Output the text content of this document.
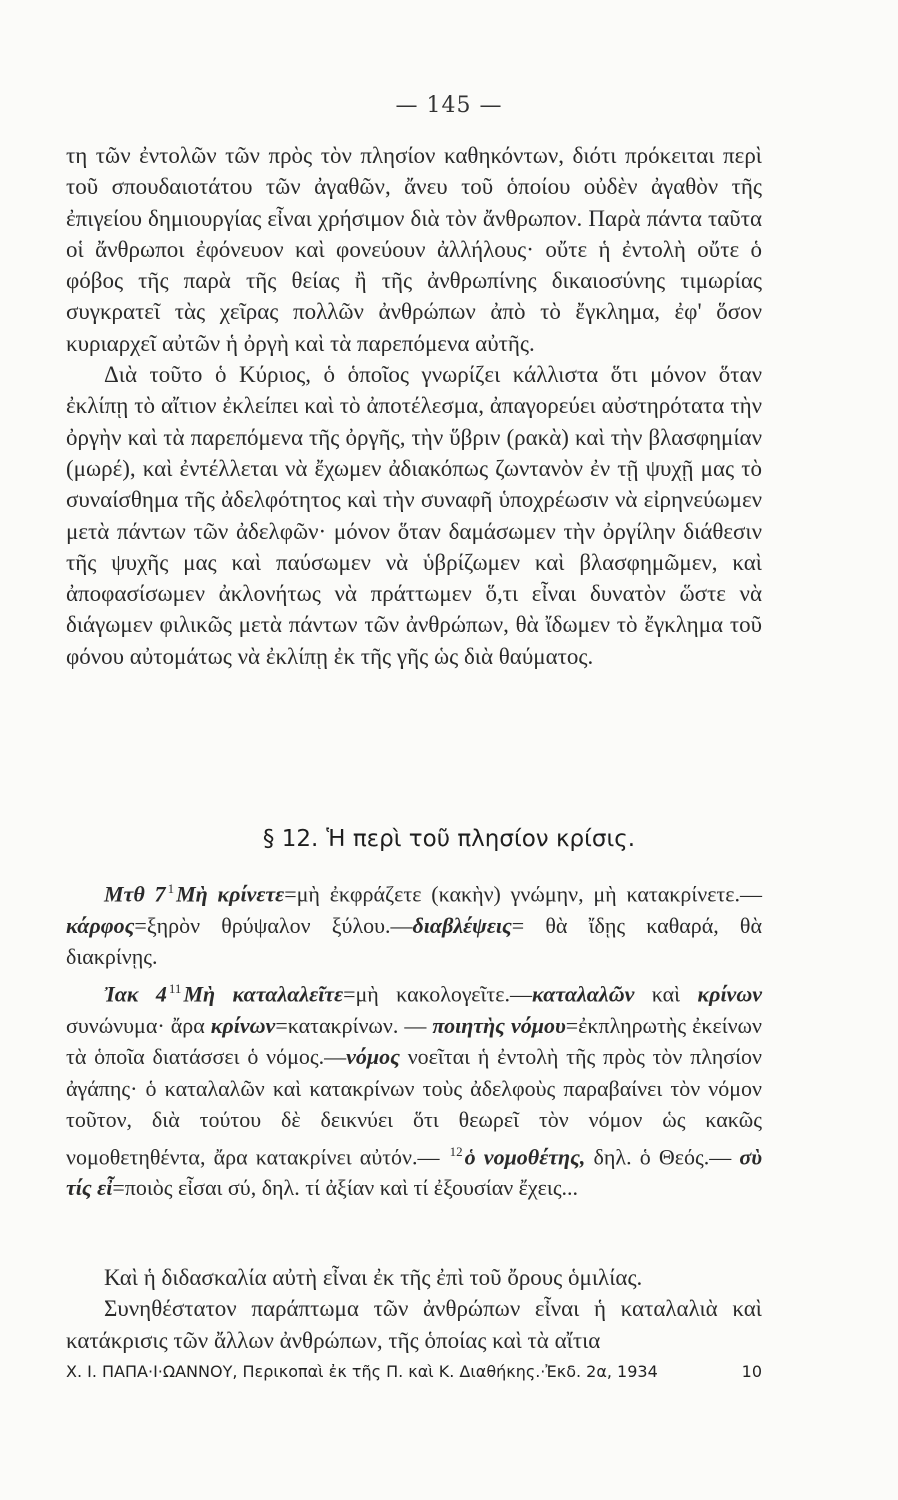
— 145 —

τη τῶν ἐντολῶν τῶν πρὸς τὸν πλησίον καθηκόντων, διότι πρόκειται περὶ τοῦ σπουδαιοτάτου τῶν ἀγαθῶν, ἄνευ τοῦ ὁποίου οὐδὲν ἀγαθὸν τῆς ἐπιγείου δημιουργίας εἶναι χρήσιμον διὰ τὸν ἄνθρωπον. Παρὰ πάντα ταῦτα οἱ ἄνθρωποι ἐφόνευον καὶ φονεύουν ἀλλήλους· οὔτε ἡ ἐντολὴ οὔτε ὁ φόβος τῆς παρὰ τῆς θείας ἢ τῆς ἀνθρωπίνης δικαιοσύνης τιμωρίας συγκρατεῖ τὰς χεῖρας πολλῶν ἀνθρώπων ἀπὸ τὸ ἔγκλημα, ἐφ' ὅσον κυριαρχεῖ αὐτῶν ἡ ὀργὴ καὶ τὰ παρεπόμενα αὐτῆς.

Διὰ τοῦτο ὁ Κύριος, ὁ ὁποῖος γνωρίζει κάλλιστα ὅτι μόνον ὅταν ἐκλίπῃ τὸ αἴτιον ἐκλείπει καὶ τὸ ἀποτέλεσμα, ἀπαγορεύει αὐστηρότατα τὴν ὀργὴν καὶ τὰ παρεπόμενα τῆς ὀργῆς, τὴν ὕβριν (ρακὰ) καὶ τὴν βλασφημίαν (μωρέ), καὶ ἐντέλλεται νὰ ἔχωμεν ἀδιακόπως ζωντανὸν ἐν τῇ ψυχῇ μας τὸ συναίσθημα τῆς ἀδελφότητος καὶ τὴν συναφῆ ὑποχρέωσιν νὰ εἰρηνεύωμεν μετὰ πάντων τῶν ἀδελφῶν· μόνον ὅταν δαμάσωμεν τὴν ὀργίλην διάθεσιν τῆς ψυχῆς μας καὶ παύσωμεν νὰ ὑβρίζωμεν καὶ βλασφημῶμεν, καὶ ἀποφασίσωμεν ἀκλονήτως νὰ πράττωμεν ὅ,τι εἶναι δυνατὸν ὥστε νὰ διάγωμεν φιλικῶς μετὰ πάντων τῶν ἀνθρώπων, θὰ ἴδωμεν τὸ ἔγκλημα τοῦ φόνου αὐτομάτως νὰ ἐκλίπῃ ἐκ τῆς γῆς ὡς διὰ θαύματος.

§ 12. Ἡ περὶ τοῦ πλησίον κρίσις.

Μτθ 7 $^1$Μὴ κρίνετε=μὴ ἐκφράζετε (κακὴν) γνώμην, μὴ κατακρίνετε.—κάρφος=ξηρὸν θρύψαλον ξύλου.—διαβλέψεις= θὰ ἴδῃς καθαρά, θὰ διακρίνῃς.

Ἰακ 4 $^{11}$Μὴ καταλαλεῖτε=μὴ κακολογεῖτε.—καταλαλῶν καὶ κρίνων συνώνυμα· ἄρα κρίνων=κατακρίνων. — ποιητὴς νόμου=ἐκπληρωτὴς ἐκείνων τὰ ὁποῖα διατάσσει ὁ νόμος.—νόμος νοεῖται ἡ ἐντολὴ τῆς πρὸς τὸν πλησίον ἀγάπης· ὁ καταλαλῶν καὶ κατακρίνων τοὺς ἀδελφοὺς παραβαίνει τὸν νόμον τοῦτον, διὰ τούτου δὲ δεικνύει ὅτι θεωρεῖ τὸν νόμον ὡς κακῶς νομοθετηθέντα, ἄρα κατακρίνει αὐτόν.— $^{12}$ὁ νομοθέτης, δηλ. ὁ Θεός.— σὺ τίς εἶ=ποιὸς εἶσαι σύ, δηλ. τί ἀξίαν καὶ τί ἐξουσίαν ἔχεις...

Καὶ ἡ διδασκαλία αὐτὴ εἶναι ἐκ τῆς ἐπὶ τοῦ ὄρους ὁμιλίας.

Συνηθέστατον παράπτωμα τῶν ἀνθρώπων εἶναι ἡ καταλαλιὰ καὶ κατάκρισις τῶν ἄλλων ἀνθρώπων, τῆς ὁποίας καὶ τὰ αἴτια

Χ. Ι. ΠΑΠΑ·Ι·ΩΑΝΝΟΥ, Περικοπαὶ ἐκ τῆς Π. καὶ Κ. Διαθήκης.·Ἐκδ. 2α, 1934	10
